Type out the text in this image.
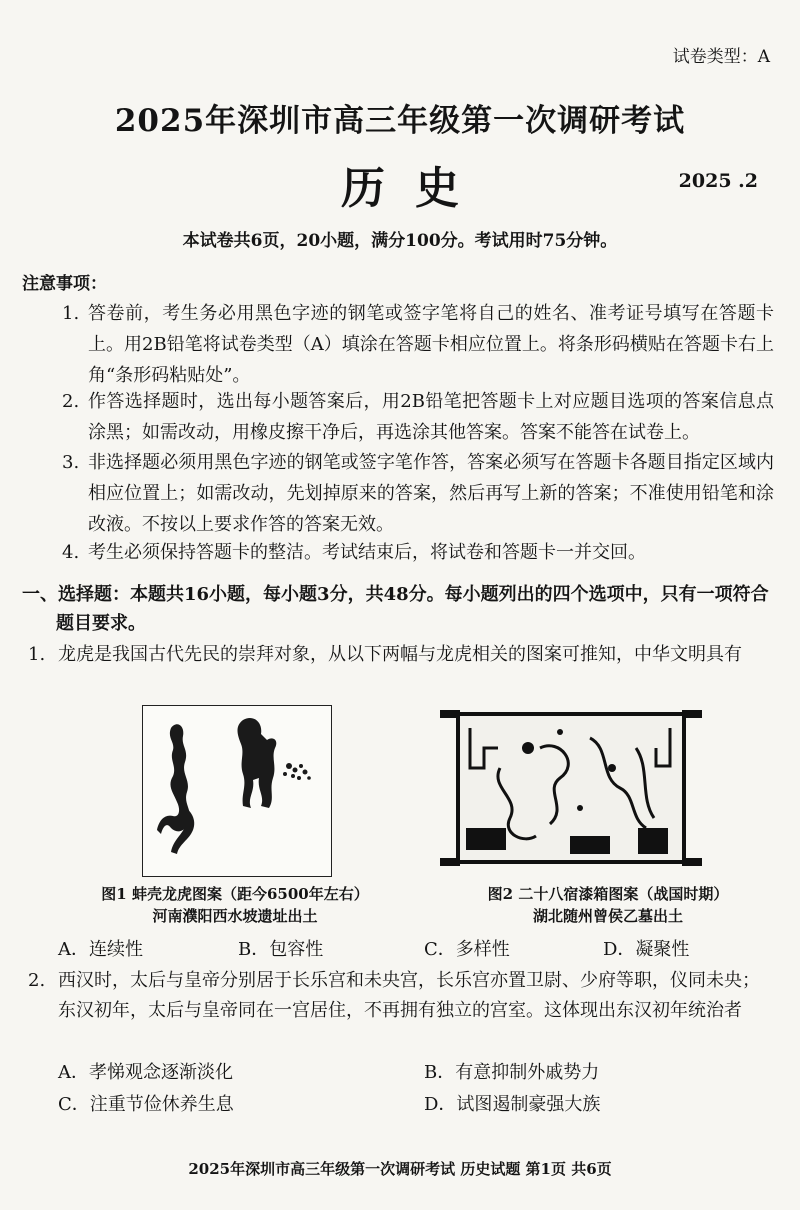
试卷类型：A
2025年深圳市高三年级第一次调研考试
历史	2025 .2
本试卷共6页，20小题，满分100分。考试用时75分钟。
注意事项：
1. 答卷前，考生务必用黑色字迹的钢笔或签字笔将自己的姓名、准考证号填写在答题卡上。用2B铅笔将试卷类型（A）填涂在答题卡相应位置上。将条形码横贴在答题卡右上角“条形码粘贴处”。
2. 作答选择题时，选出每小题答案后，用2B铅笔把答题卡上对应题目选项的答案信息点涂黑；如需改动，用橡皮擦干净后，再选涂其他答案。答案不能答在试卷上。
3. 非选择题必须用黑色字迹的钢笔或签字笔作答，答案必须写在答题卡各题目指定区域内相应位置上；如需改动，先划掉原来的答案，然后再写上新的答案；不准使用铅笔和涂改液。不按以上要求作答的答案无效。
4. 考生必须保持答题卡的整洁。考试结束后，将试卷和答题卡一并交回。
一、选择题：本题共16小题，每小题3分，共48分。每小题列出的四个选项中，只有一项符合题目要求。
1. 龙虎是我国古代先民的崇拜对象，从以下两幅与龙虎相关的图案可推知，中华文明具有
图1 蚌壳龙虎图案（距今6500年左右）
河南濮阳西水坡遗址出土
图2 二十八宿漆箱图案（战国时期）
湖北随州曾侯乙墓出土
A．连续性	B．包容性	C．多样性	D．凝聚性
2. 西汉时，太后与皇帝分别居于长乐宫和未央宫，长乐宫亦置卫尉、少府等职，仪同未央；东汉初年，太后与皇帝同在一宫居住，不再拥有独立的宫室。这体现出东汉初年统治者
A．孝悌观念逐渐淡化	B．有意抑制外戚势力
C．注重节俭休养生息	D．试图遏制豪强大族
2025年深圳市高三年级第一次调研考试 历史试题 第1页 共6页
